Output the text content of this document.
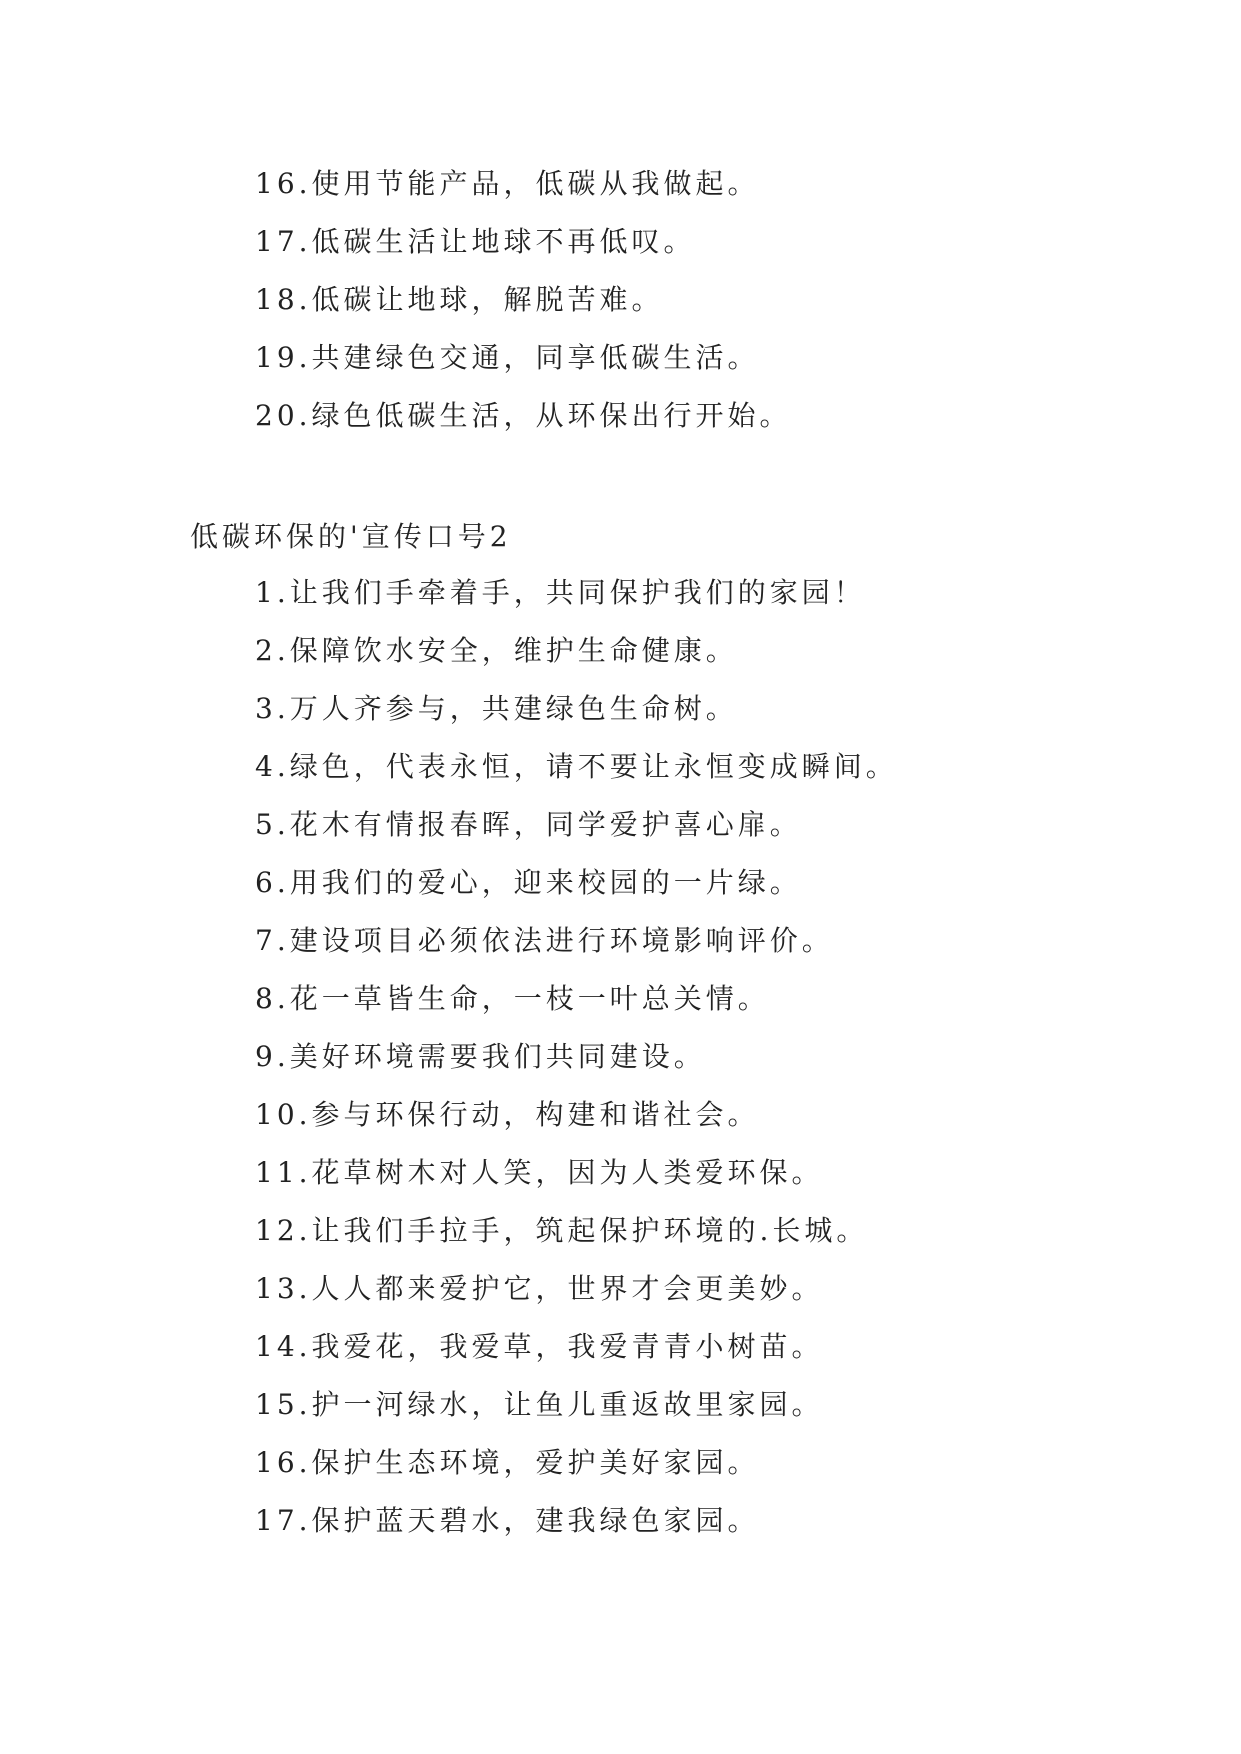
16.使用节能产品，低碳从我做起。
17.低碳生活让地球不再低叹。
18.低碳让地球，解脱苦难。
19.共建绿色交通，同享低碳生活。
20.绿色低碳生活，从环保出行开始。
低碳环保的'宣传口号2
1.让我们手牵着手，共同保护我们的家园！
2.保障饮水安全，维护生命健康。
3.万人齐参与，共建绿色生命树。
4.绿色，代表永恒，请不要让永恒变成瞬间。
5.花木有情报春晖，同学爱护喜心扉。
6.用我们的爱心，迎来校园的一片绿。
7.建设项目必须依法进行环境影响评价。
8.花一草皆生命，一枝一叶总关情。
9.美好环境需要我们共同建设。
10.参与环保行动，构建和谐社会。
11.花草树木对人笑，因为人类爱环保。
12.让我们手拉手，筑起保护环境的.长城。
13.人人都来爱护它，世界才会更美妙。
14.我爱花，我爱草，我爱青青小树苗。
15.护一河绿水，让鱼儿重返故里家园。
16.保护生态环境，爱护美好家园。
17.保护蓝天碧水，建我绿色家园。
